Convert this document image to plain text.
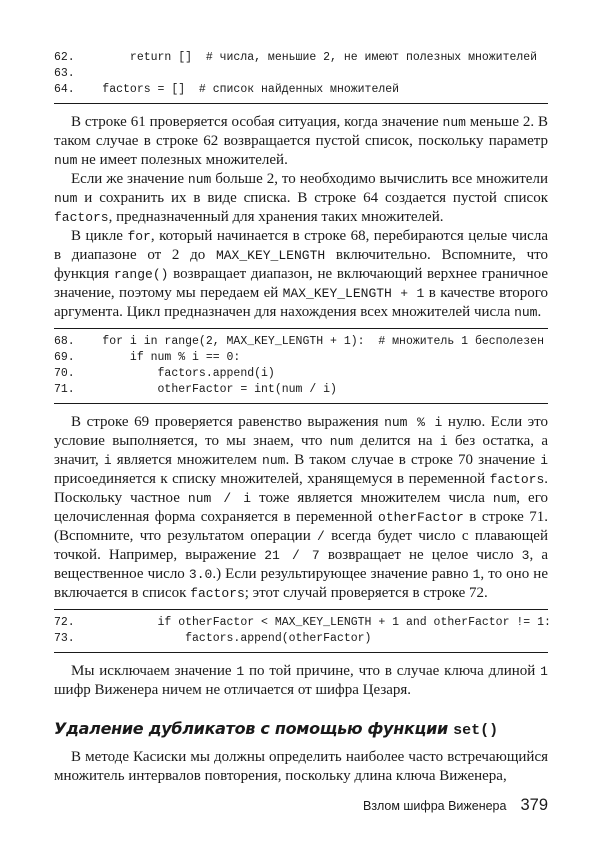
62.        return []  # числа, меньшие 2, не имеют полезных множителей
63.
64.    factors = []  # список найденных множителей

В строке 61 проверяется особая ситуация, когда значение num меньше 2. В таком случае в строке 62 возвращается пустой список, поскольку параметр num не имеет полезных множителей.

Если же значение num больше 2, то необходимо вычислить все множители num и сохранить их в виде списка. В строке 64 создается пустой список factors, предназначенный для хранения таких множителей.

В цикле for, который начинается в строке 68, перебираются целые числа в диапазоне от 2 до MAX_KEY_LENGTH включительно. Вспомните, что функция range() возвращает диапазон, не включающий верхнее граничное значение, поэтому мы передаем ей MAX_KEY_LENGTH + 1 в качестве второго аргумента. Цикл предназначен для нахождения всех множителей числа num.

68.    for i in range(2, MAX_KEY_LENGTH + 1):  # множитель 1 бесполезен
69.        if num % i == 0:
70.            factors.append(i)
71.            otherFactor = int(num / i)

В строке 69 проверяется равенство выражения num % i нулю. Если это условие выполняется, то мы знаем, что num делится на i без остатка, а значит, i является множителем num. В таком случае в строке 70 значение i присоединяется к списку множителей, хранящемуся в переменной factors. Поскольку частное num / i тоже является множителем числа num, его целочисленная форма сохраняется в переменной otherFactor в строке 71. (Вспомните, что результатом операции / всегда будет число с плавающей точкой. Например, выражение 21 / 7 возвращает не целое число 3, а вещественное число 3.0.) Если результирующее значение равно 1, то оно не включается в список factors; этот случай проверяется в строке 72.

72.            if otherFactor < MAX_KEY_LENGTH + 1 and otherFactor != 1:
73.                factors.append(otherFactor)

Мы исключаем значение 1 по той причине, что в случае ключа длиной 1 шифр Виженера ничем не отличается от шифра Цезаря.

Удаление дубликатов с помощью функции set()

В методе Касиски мы должны определить наиболее часто встречающийся множитель интервалов повторения, поскольку длина ключа Виженера,

Взлом шифра Виженера 379
